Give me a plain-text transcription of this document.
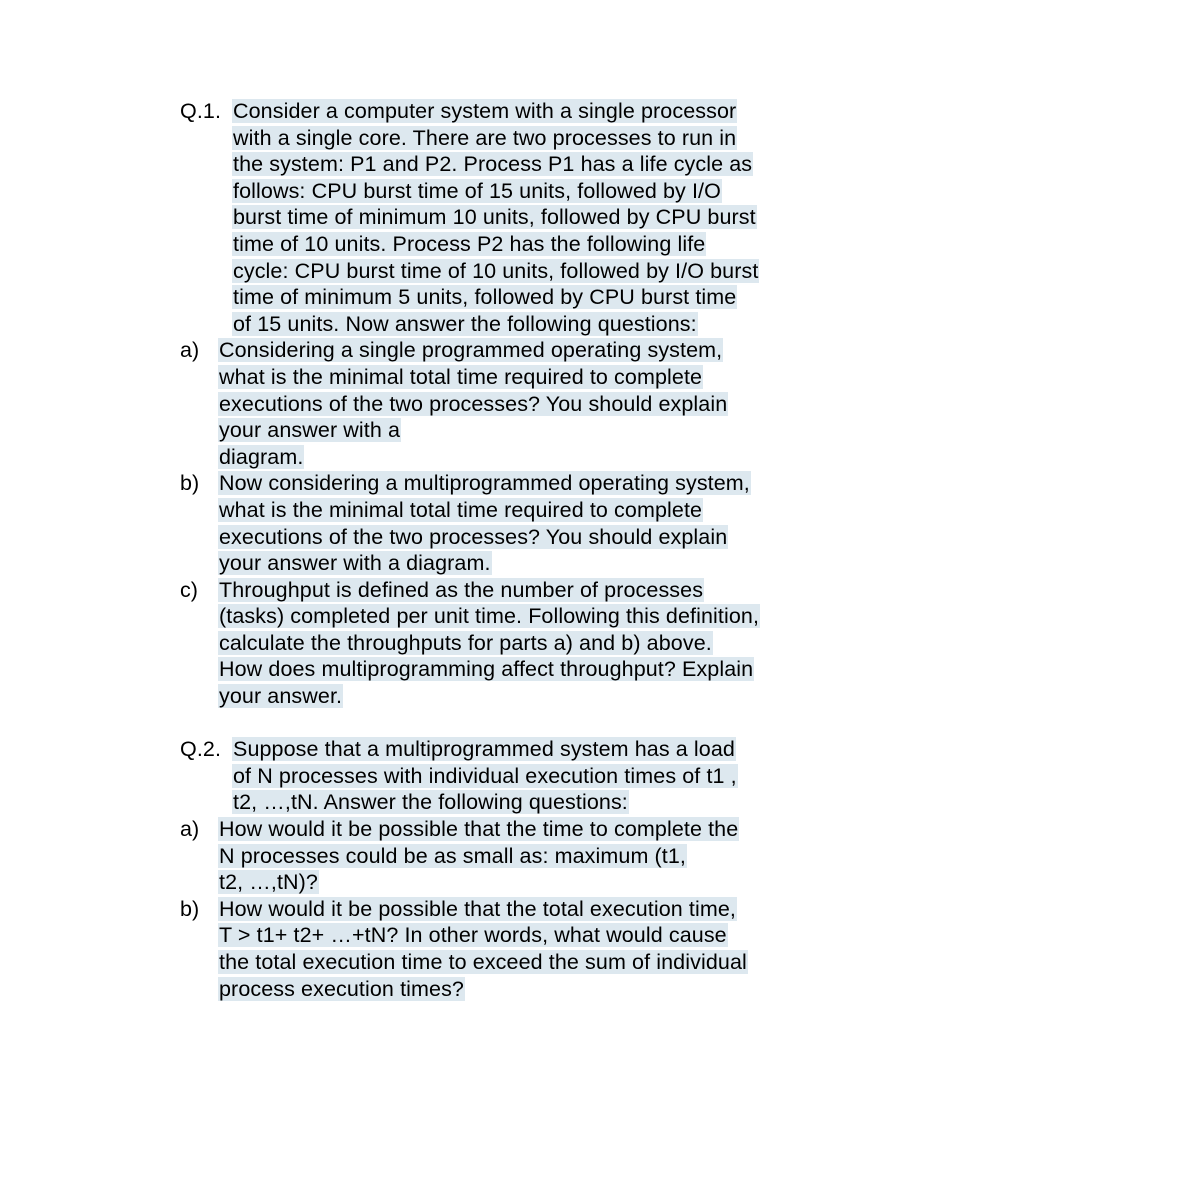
Q.1. Consider a computer system with a single processor
with a single core. There are two processes to run in
the system: P1 and P2. Process P1 has a life cycle as
follows: CPU burst time of 15 units, followed by I/O
burst time of minimum 10 units, followed by CPU burst
time of 10 units. Process P2 has the following life
cycle: CPU burst time of 10 units, followed by I/O burst
time of minimum 5 units, followed by CPU burst time
of 15 units. Now answer the following questions:
a) Considering a single programmed operating system,
what is the minimal total time required to complete
executions of the two processes? You should explain
your answer with a
diagram.
b) Now considering a multiprogrammed operating system,
what is the minimal total time required to complete
executions of the two processes? You should explain
your answer with a diagram.
c) Throughput is defined as the number of processes
(tasks) completed per unit time. Following this definition,
calculate the throughputs for parts a) and b) above.
How does multiprogramming affect throughput? Explain
your answer.
Q.2. Suppose that a multiprogrammed system has a load
of N processes with individual execution times of t1 ,
t2, …,tN. Answer the following questions:
a) How would it be possible that the time to complete the
N processes could be as small as: maximum (t1,
t2, …,tN)?
b) How would it be possible that the total execution time,
T > t1+ t2+ …+tN? In other words, what would cause
the total execution time to exceed the sum of individual
process execution times?
